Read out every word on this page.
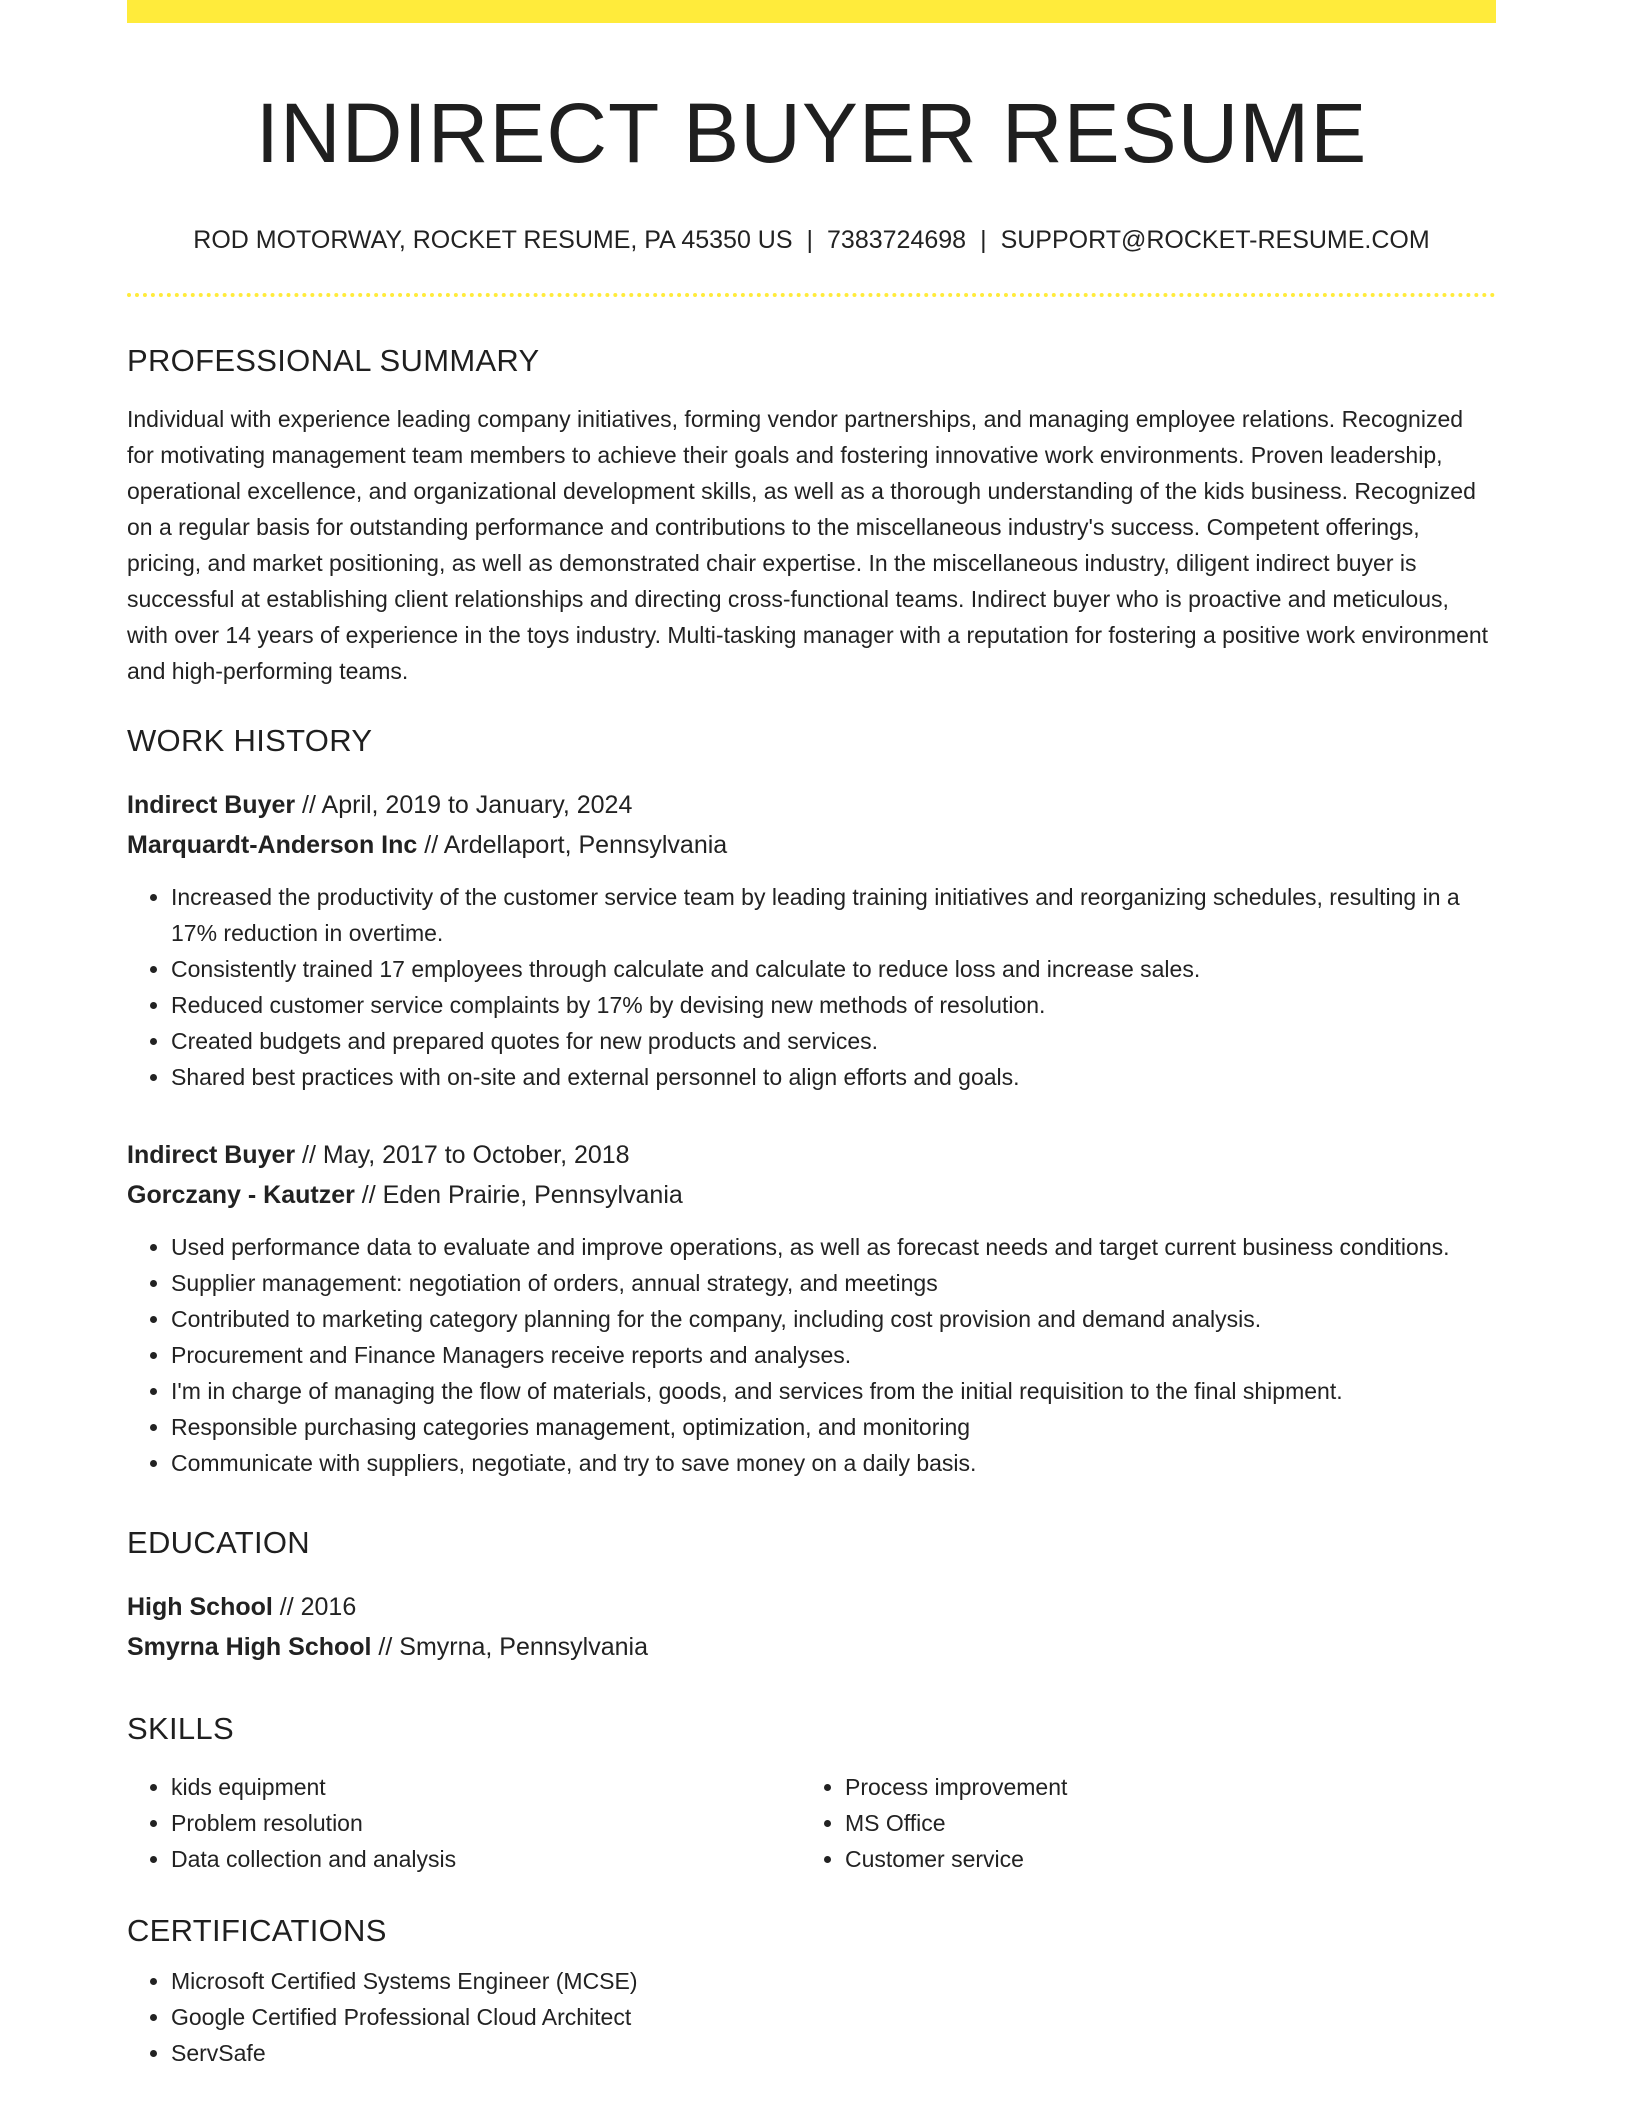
INDIRECT BUYER RESUME
ROD MOTORWAY, ROCKET RESUME, PA 45350 US | 7383724698 | SUPPORT@ROCKET-RESUME.COM
PROFESSIONAL SUMMARY

Individual with experience leading company initiatives, forming vendor partnerships, and managing employee relations. Recognized for motivating management team members to achieve their goals and fostering innovative work environments. Proven leadership, operational excellence, and organizational development skills, as well as a thorough understanding of the kids business. Recognized on a regular basis for outstanding performance and contributions to the miscellaneous industry's success. Competent offerings, pricing, and market positioning, as well as demonstrated chair expertise. In the miscellaneous industry, diligent indirect buyer is successful at establishing client relationships and directing cross-functional teams. Indirect buyer who is proactive and meticulous, with over 14 years of experience in the toys industry. Multi-tasking manager with a reputation for fostering a positive work environment and high-performing teams.

WORK HISTORY
Indirect Buyer // April, 2019 to January, 2024
Marquardt-Anderson Inc // Ardellaport, Pennsylvania
• Increased the productivity of the customer service team by leading training initiatives and reorganizing schedules, resulting in a 17% reduction in overtime.
• Consistently trained 17 employees through calculate and calculate to reduce loss and increase sales.
• Reduced customer service complaints by 17% by devising new methods of resolution.
• Created budgets and prepared quotes for new products and services.
• Shared best practices with on-site and external personnel to align efforts and goals.
Indirect Buyer // May, 2017 to October, 2018
Gorczany - Kautzer // Eden Prairie, Pennsylvania
• Used performance data to evaluate and improve operations, as well as forecast needs and target current business conditions.
• Supplier management: negotiation of orders, annual strategy, and meetings
• Contributed to marketing category planning for the company, including cost provision and demand analysis.
• Procurement and Finance Managers receive reports and analyses.
• I'm in charge of managing the flow of materials, goods, and services from the initial requisition to the final shipment.
• Responsible purchasing categories management, optimization, and monitoring
• Communicate with suppliers, negotiate, and try to save money on a daily basis.
EDUCATION
High School // 2016
Smyrna High School // Smyrna, Pennsylvania
SKILLS
• kids equipment
• Problem resolution
• Data collection and analysis
• Process improvement
• MS Office
• Customer service
CERTIFICATIONS
• Microsoft Certified Systems Engineer (MCSE)
• Google Certified Professional Cloud Architect
• ServSafe
